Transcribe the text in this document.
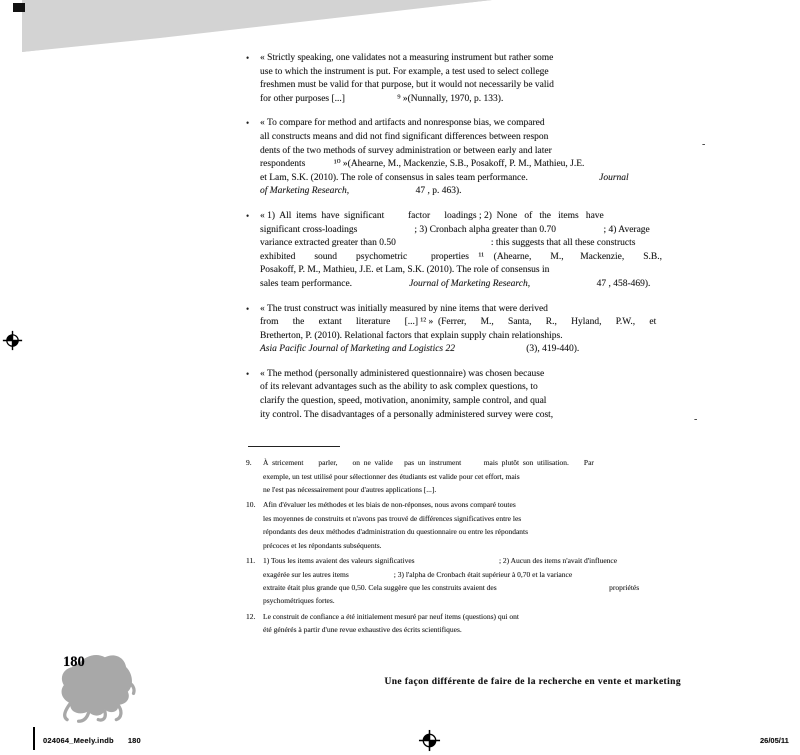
•	« Strictly speaking, one validates not a measuring instrument but rather some
use to which the instrument is put. For example, a test used to select college
freshmen must be valid for that purpose, but it would not necessarily be valid
for other purposes [...]                      ⁹ »(Nunnally, 1970, p. 133).
•	« To compare for method and artifacts and nonresponse bias, we compared
all constructs means and did not find significant differences between respon
dents of the two methods of survey administration or between early and later
respondents            ¹⁰ »(Ahearne, M., Mackenzie, S.B., Posakoff, P. M., Mathieu, J.E.
et Lam, S.K. (2010). The role of consensus in sales team performance.	Journal
of Marketing Research,	47 , p. 463).
•	« 1)  All  items  have  significant          factor      loadings ; 2)  None   of   the   items   have
significant cross-loadings                        ; 3) Cronbach alpha greater than 0.70                    ; 4) Average
variance extracted greater than 0.50                                        : this suggests that all these constructs
exhibited        sound        psychometric          properties    ¹¹    (Ahearne,        M.,       Mackenzie,        S.B.,
Posakoff, P. M., Mathieu, J.E. et Lam, S.K. (2010). The role of consensus in
sales team performance.	Journal of Marketing Research,	47 , 458-469).
•	« The trust construct was initially measured by nine items that were derived
from      the      extant      literature      [...] ¹² »  (Ferrer,      M.,      Santa,      R.,      Hyland,      P.W.,      et
Bretherton, P. (2010). Relational factors that explain supply chain relationships.
Asia Pacific Journal of Marketing and Logistics 22	(3), 419-440).
•	« The method (personally administered questionnaire) was chosen because
of its relevant advantages such as the ability to ask complex questions, to
clarify the question, speed, motivation, anonimity, sample control, and qual
ity control. The disadvantages of a personally administered survey were cost,
9.	À  stricement        parler,        on  ne  valide      pas  un  instrument            mais  plutôt  son  utilisation.        Par
exemple, un test utilisé pour sélectionner des étudiants est valide pour cet effort, mais
ne l'est pas nécessairement pour d'autres applications [...].
10.	Afin d'évaluer les méthodes et les biais de non-réponses, nous avons comparé toutes
les moyennes de construits et n'avons pas trouvé de différences significatives entre les
répondants des deux méthodes d'administration du questionnaire ou entre les répondants
précoces et les répondants subséquents.
11.	1) Tous les items avaient des valeurs significatives                                             ; 2) Aucun des items n'avait d'influence
exagérée sur les autres items                        ; 3) l'alpha de Cronbach était supérieur à 0,70 et la variance
extraite était plus grande que 0,50. Cela suggère que les construits avaient des                                                            propriétés
psychométriques fortes.
12.	Le construit de confiance a été initialement mesuré par neuf items (questions) qui ont
été générés à partir d'une revue exhaustive des écrits scientifiques.
-
-
180
Une façon différente de faire de la recherche en vente et marketing
024064_Meely.indb 180	26/05/11
